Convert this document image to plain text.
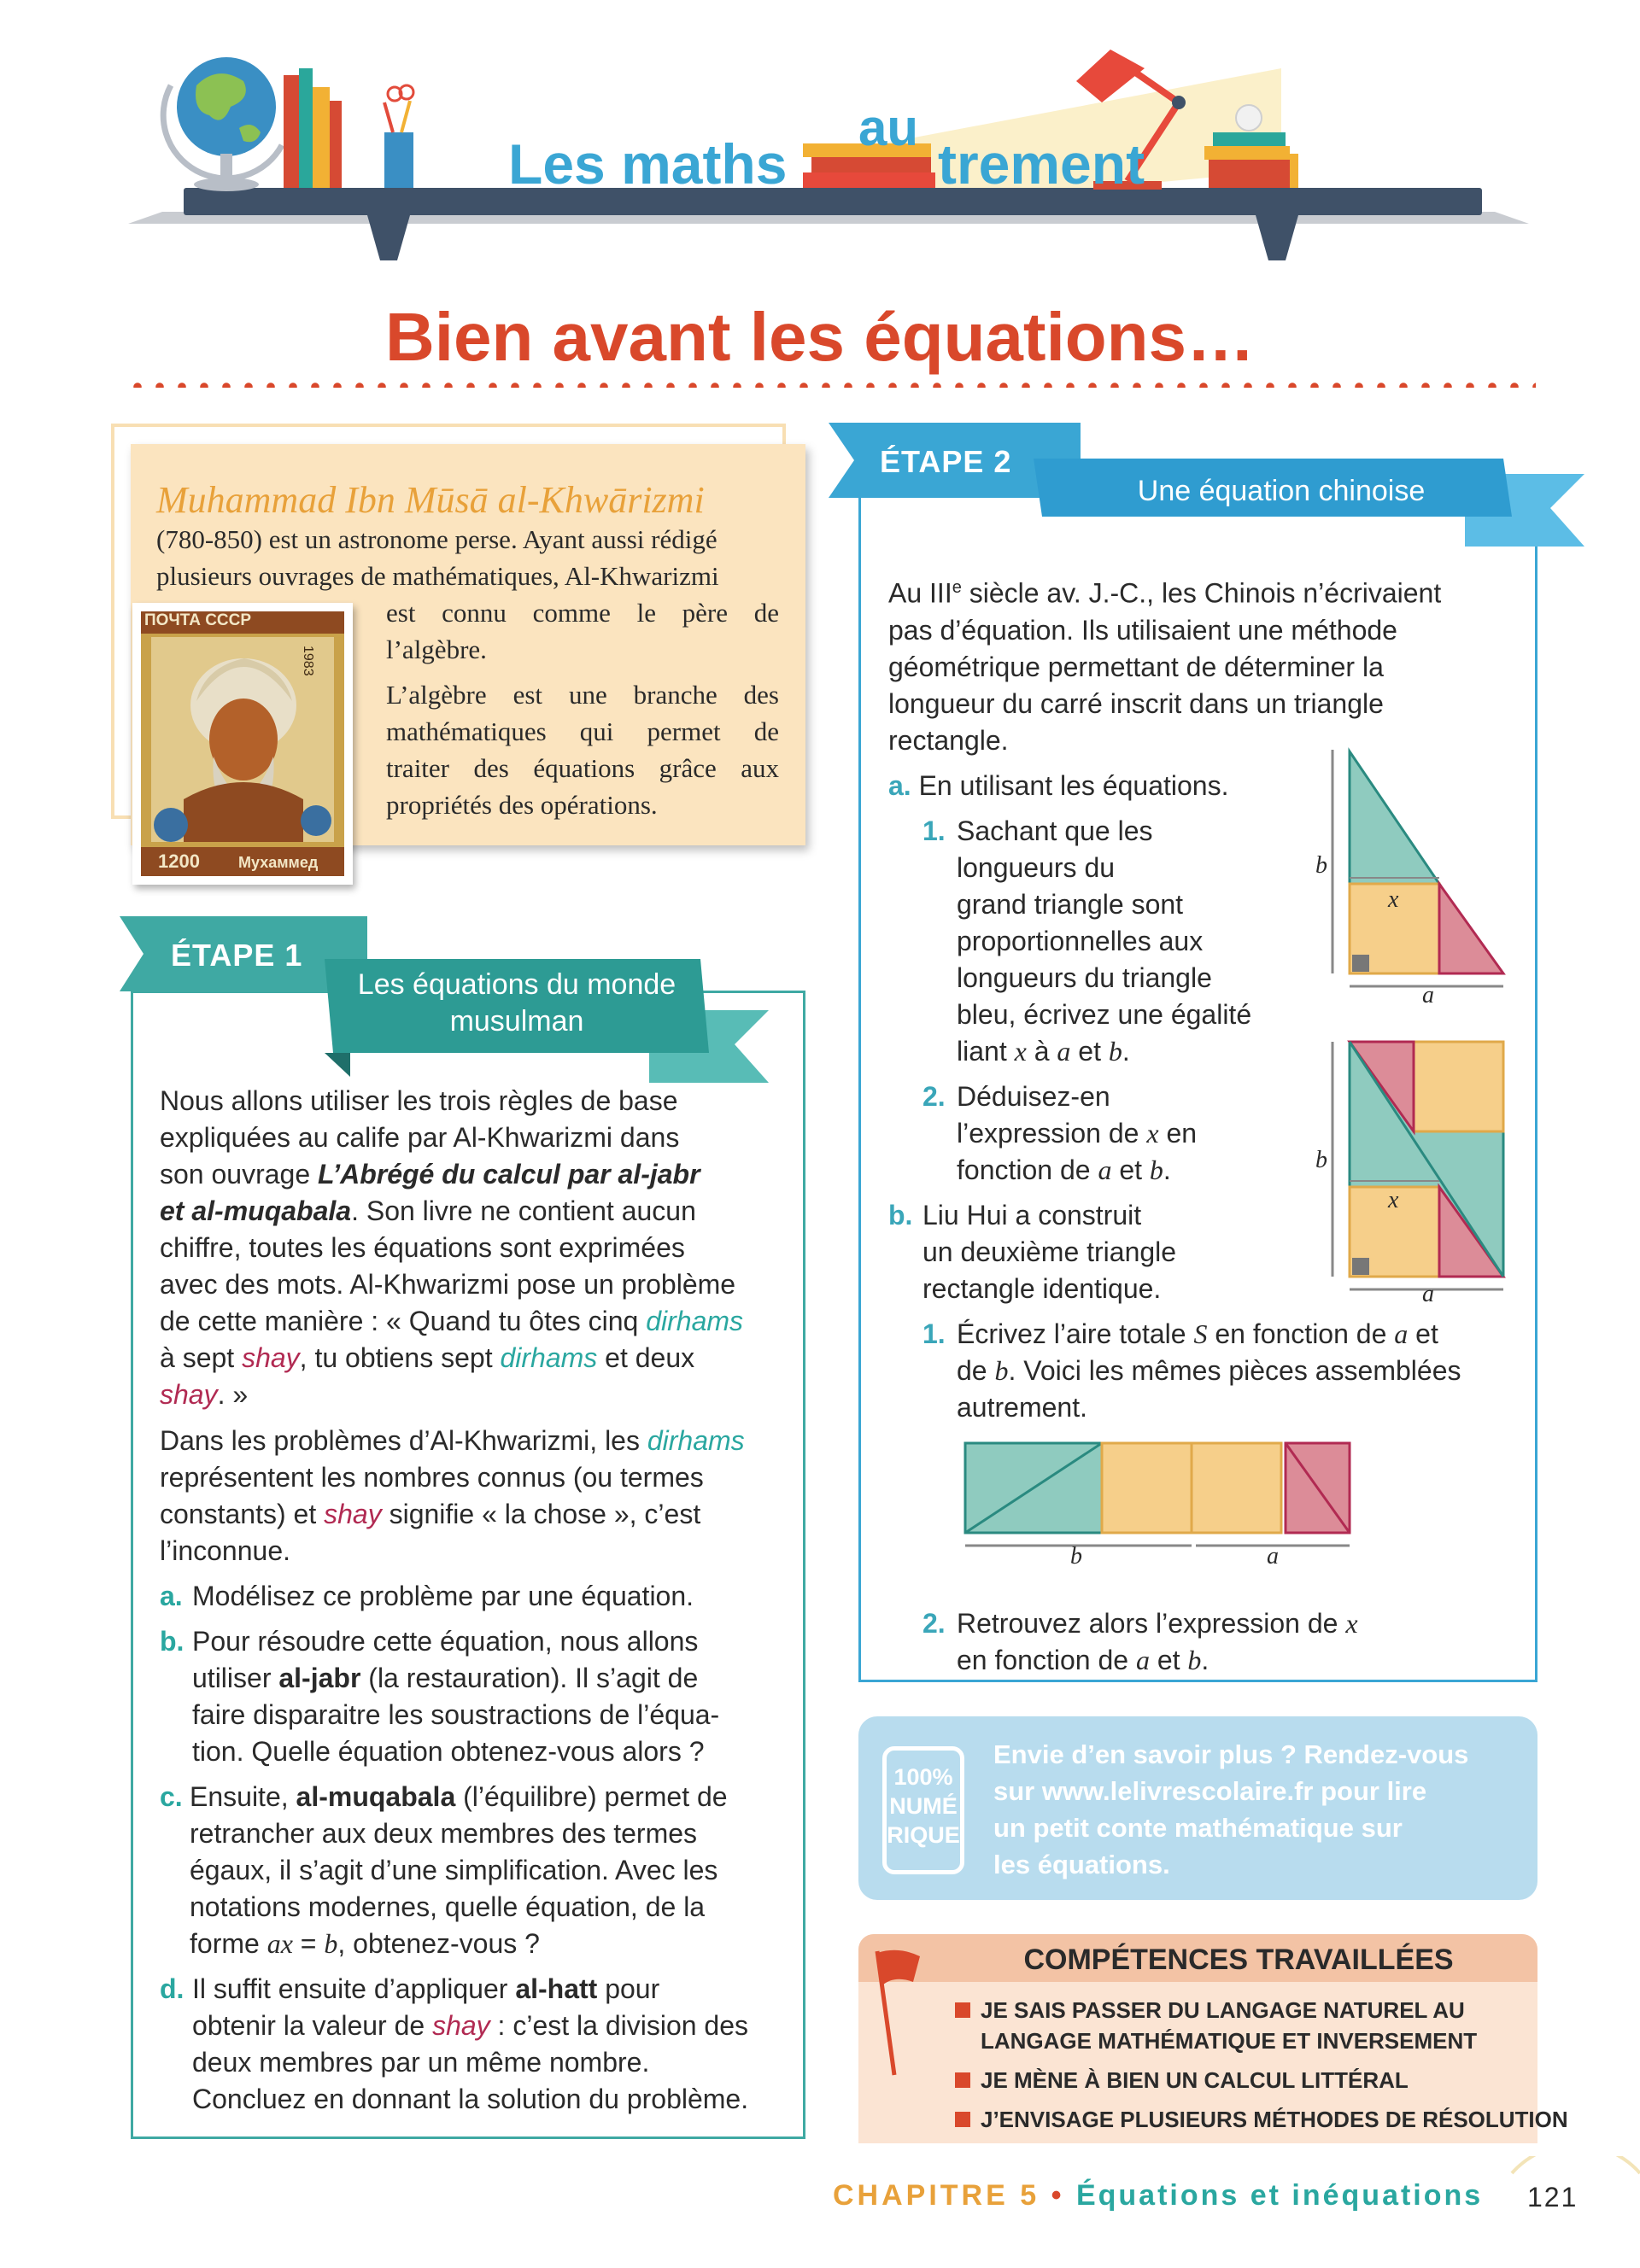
Les maths
au
trement
Bien avant les équations…
Muhammad Ibn Mūsā al-Khwārizmi
(780-850) est un astronome perse. Ayant aussi rédigé
plusieurs ouvrages de mathématiques, Al-Khwarizmi
est connu comme le père de
l’algèbre.
L’algèbre est une branche des
mathématiques qui permet de
traiter des équations grâce aux
propriétés des opérations.
ПОЧТА СССР
1983
1200	Мухаммед
ÉTAPE 1
Les équations du monde
musulman
Nous allons utiliser les trois règles de base
expliquées au calife par Al-Khwarizmi dans
son ouvrage L’Abrégé du calcul par al-jabr
et al-muqabala. Son livre ne contient aucun
chiffre, toutes les équations sont exprimées
avec des mots. Al-Khwarizmi pose un problème
de cette manière : « Quand tu ôtes cinq dirhams
à sept shay, tu obtiens sept dirhams et deux
shay. »
Dans les problèmes d’Al-Khwarizmi, les dirhams
représentent les nombres connus (ou termes
constants) et shay signifie « la chose », c’est
l’inconnue.
a. Modélisez ce problème par une équation.
b. Pour résoudre cette équation, nous allons
utiliser al-jabr (la restauration). Il s’agit de
faire disparaitre les soustractions de l’équa-
tion. Quelle équation obtenez-vous alors ?
c. Ensuite, al-muqabala (l’équilibre) permet de
retrancher aux deux membres des termes
égaux, il s’agit d’une simplification. Avec les
notations modernes, quelle équation, de la
forme ax = b, obtenez-vous ?
d. Il suffit ensuite d’appliquer al-hatt pour
obtenir la valeur de shay : c’est la division des
deux membres par un même nombre.
Concluez en donnant la solution du problème.
ÉTAPE 2
Une équation chinoise
Au IIIe siècle av. J.-C., les Chinois n’écrivaient
pas d’équation. Ils utilisaient une méthode
géométrique permettant de déterminer la
longueur du carré inscrit dans un triangle
rectangle.
a. En utilisant les équations.
1. Sachant que les
longueurs du
grand triangle sont
proportionnelles aux
longueurs du triangle
bleu, écrivez une égalité
liant x à a et b.
2. Déduisez-en
l’expression de x en
fonction de a et b.
b. Liu Hui a construit
un deuxième triangle
rectangle identique.
1. Écrivez l’aire totale S en fonction de a et
de b. Voici les mêmes pièces assemblées
autrement.
2. Retrouvez alors l’expression de x
en fonction de a et b.
b
x
a
b
x
a
b	a
100%
NUMÉ
RIQUE
Envie d’en savoir plus ? Rendez-vous
sur www.lelivrescolaire.fr pour lire
un petit conte mathématique sur
les équations.
COMPÉTENCES TRAVAILLÉES
JE SAIS PASSER DU LANGAGE NATUREL AU
LANGAGE MATHÉMATIQUE ET INVERSEMENT
JE MÈNE À BIEN UN CALCUL LITTÉRAL
J’ENVISAGE PLUSIEURS MÉTHODES DE RÉSOLUTION
CHAPITRE 5 • Équations et inéquations 121
